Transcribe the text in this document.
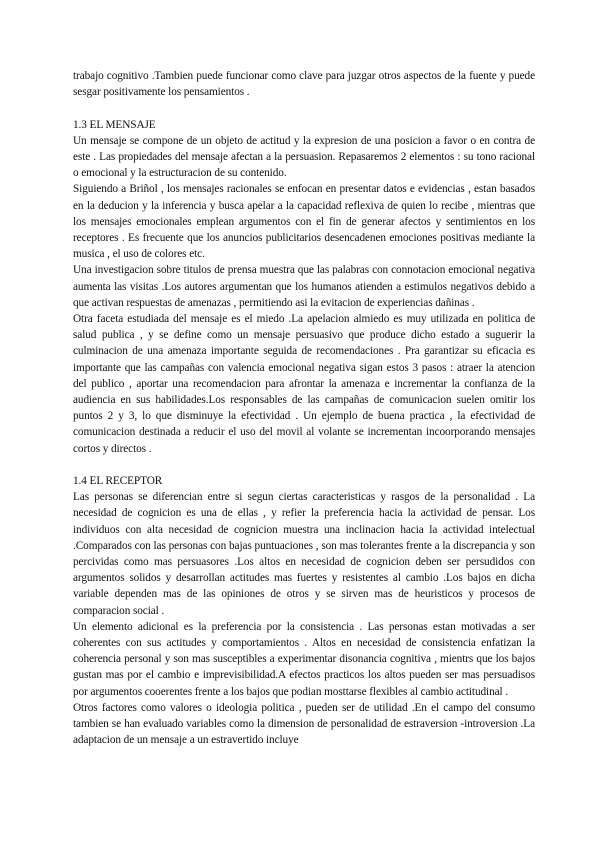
trabajo cognitivo .Tambien puede funcionar como clave para juzgar otros aspectos de la fuente y puede sesgar positivamente los pensamientos .

1.3 EL MENSAJE

Un mensaje se compone de un objeto de actitud y la expresion de una posicion a favor o en contra de este . Las propiedades del mensaje afectan a la persuasion. Repasaremos 2 elementos : su tono racional o emocional y la estructuracion de su contenido.

Siguiendo a Briñol , los mensajes racionales se enfocan en presentar datos e evidencias , estan basados en la deducion y la inferencia y busca apelar a la capacidad reflexiva de quien lo recibe , mientras que los mensajes emocionales emplean argumentos con el fin de generar afectos y sentimientos en los receptores . Es frecuente que los anuncios publicitarios desencadenen emociones positivas mediante la musica , el uso de colores etc.

Una investigacion sobre titulos de prensa muestra que las palabras con connotacion emocional negativa aumenta las visitas .Los autores argumentan que los humanos atienden a estimulos negativos debido a que activan respuestas de amenazas , permitiendo asi la evitacion de experiencias dañinas .

Otra faceta estudiada del mensaje es el miedo .La apelacion almiedo es muy utilizada en politica de salud publica , y se define como un mensaje persuasivo que produce dicho estado a suguerir la culminacion de una amenaza importante seguida de recomendaciones . Pra garantizar su eficacia es importante que las campañas con valencia emocional negativa sigan estos 3 pasos : atraer la atencion del publico , aportar una recomendacion para afrontar la amenaza e incrementar la confianza de la audiencia en sus habilidades.Los responsables de las campañas de comunicacion suelen omitir los puntos 2 y 3, lo que disminuye la efectividad . Un ejemplo de buena practica , la efectividad de comunicacion destinada a reducir el uso del movil al volante se incrementan incoorporando mensajes cortos y directos .

1.4 EL RECEPTOR

Las personas se diferencian entre si segun ciertas caracteristicas y rasgos de la personalidad . La necesidad de cognicion es una de ellas , y refier la preferencia hacia la actividad de pensar. Los individuos con alta necesidad de cognicion muestra una inclinacion hacia la actividad intelectual .Comparados con las personas con bajas puntuaciones , son mas tolerantes frente a la discrepancia y son percividas como mas persuasores .Los altos en necesidad de cognicion deben ser persudidos con argumentos solidos y desarrollan actitudes mas fuertes y resistentes al cambio .Los bajos en dicha variable dependen mas de las opiniones de otros y se sirven mas de heuristicos y procesos de comparacion social .

Un elemento adicional es la preferencia por la consistencia . Las personas estan motivadas a ser coherentes con sus actitudes y comportamientos . Altos en necesidad de consistencia enfatizan la coherencia personal y son mas susceptibles a experimentar disonancia cognitiva , mientrs que los bajos gustan mas por el cambio e imprevisibilidad.A efectos practicos los altos pueden ser mas persuadisos por argumentos cooerentes frente a los bajos que podian mosttarse flexibles al cambio actitudinal .

Otros factores como valores o ideologia politica , pueden ser de utilidad .En el campo del consumo tambien se han evaluado variables como la dimension de personalidad de estraversion -introversion .La adaptacion de un mensaje a un estravertido incluye
